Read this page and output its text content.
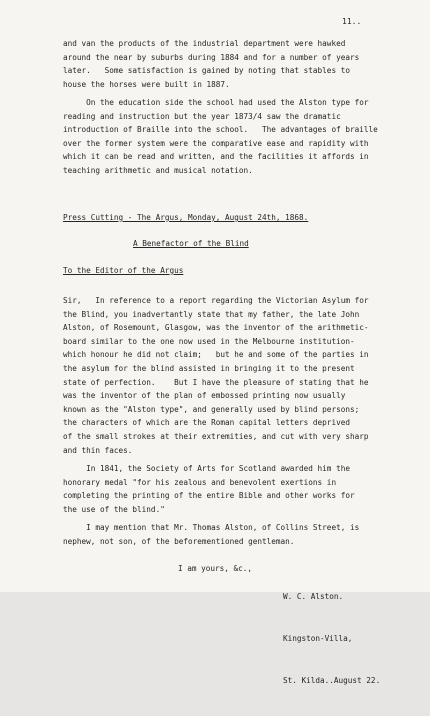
11..
and van the products of the industrial department were hawked
around the near by suburbs during 1884 and for a number of years
later.   Some satisfaction is gained by noting that stables to
house the horses were built in 1887.
On the education side the school had used the Alston type for
reading and instruction but the year 1873/4 saw the dramatic
introduction of Braille into the school.   The advantages of braille
over the former system were the comparative ease and rapidity with
which it can be read and written, and the facilities it affords in
teaching arithmetic and musical notation.
Press Cutting - The Argus, Monday, August 24th, 1868.
A Benefactor of the Blind
To the Editor of the Argus
Sir,   In reference to a report regarding the Victorian Asylum for
the Blind, you inadvertantly state that my father, the late John
Alston, of Rosemount, Glasgow, was the inventor of the arithmetic-
board similar to the one now used in the Melbourne institution-
which honour he did not claim;   but he and some of the parties in
the asylum for the blind assisted in bringing it to the present
state of perfection.    But I have the pleasure of stating that he
was the inventor of the plan of embossed printing now usually
known as the "Alston type", and generally used by blind persons;
the characters of which are the Roman capital letters deprived
of the small strokes at their extremities, and cut with very sharp
and thin faces.
In 1841, the Society of Arts for Scotland awarded him the
honorary medal "for his zealous and benevolent exertions in
completing the printing of the entire Bible and other works for
the use of the blind."
I may mention that Mr. Thomas Alston, of Collins Street, is
nephew, not son, of the beforementioned gentleman.
I am yours, &c.,

W. C. Alston.

Kingston-Villa,

St. Kilda..August 22.
